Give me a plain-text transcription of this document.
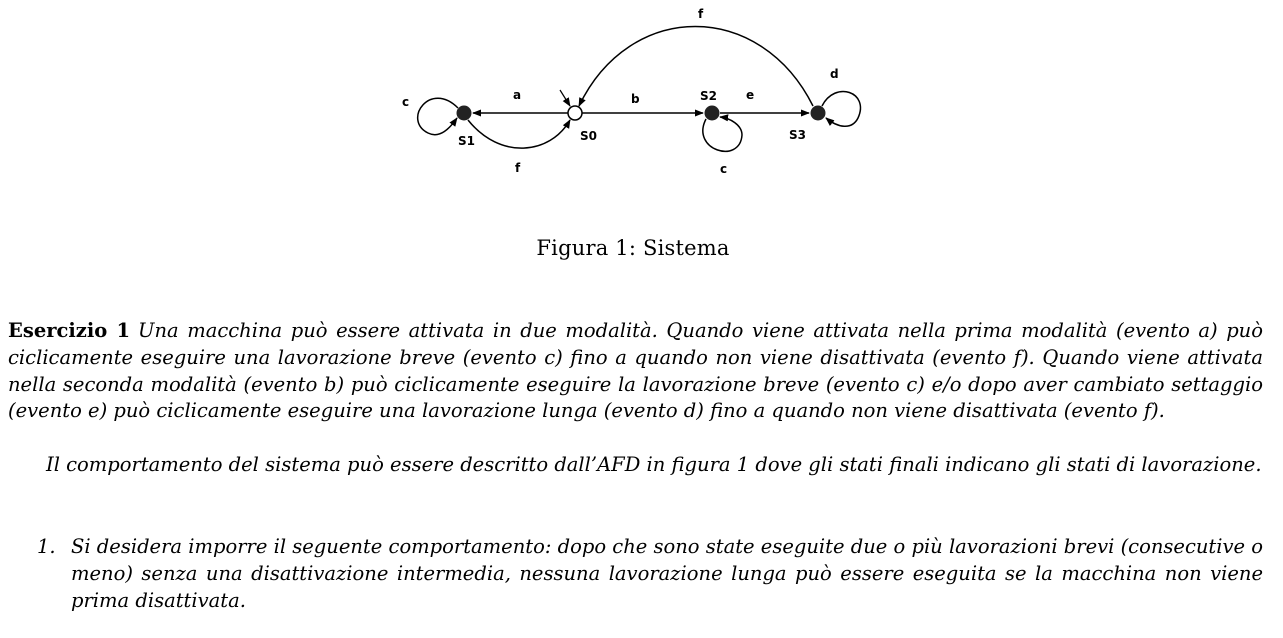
f
a	b	e
d
c
c
f
S0
S1
S2
S3
Figura 1: Sistema
Esercizio 1 Una macchina può essere attivata in due modalità. Quando viene attivata nella prima modalità (evento a) può ciclicamente eseguire una lavorazione breve (evento c) fino a quando non viene disattivata (evento f). Quando viene attivata nella seconda modalità (evento b) può ciclicamente eseguire la lavorazione breve (evento c) e/o dopo aver cambiato settaggio (evento e) può ciclicamente eseguire una lavorazione lunga (evento d) fino a quando non viene disattivata (evento f).
Il comportamento del sistema può essere descritto dall’AFD in figura 1 dove gli stati finali indicano gli stati di lavorazione.
1. Si desidera imporre il seguente comportamento: dopo che sono state eseguite due o più lavorazioni brevi (consecutive o meno) senza una disattivazione intermedia, nessuna lavorazione lunga può essere eseguita se la macchina non viene prima disattivata.
